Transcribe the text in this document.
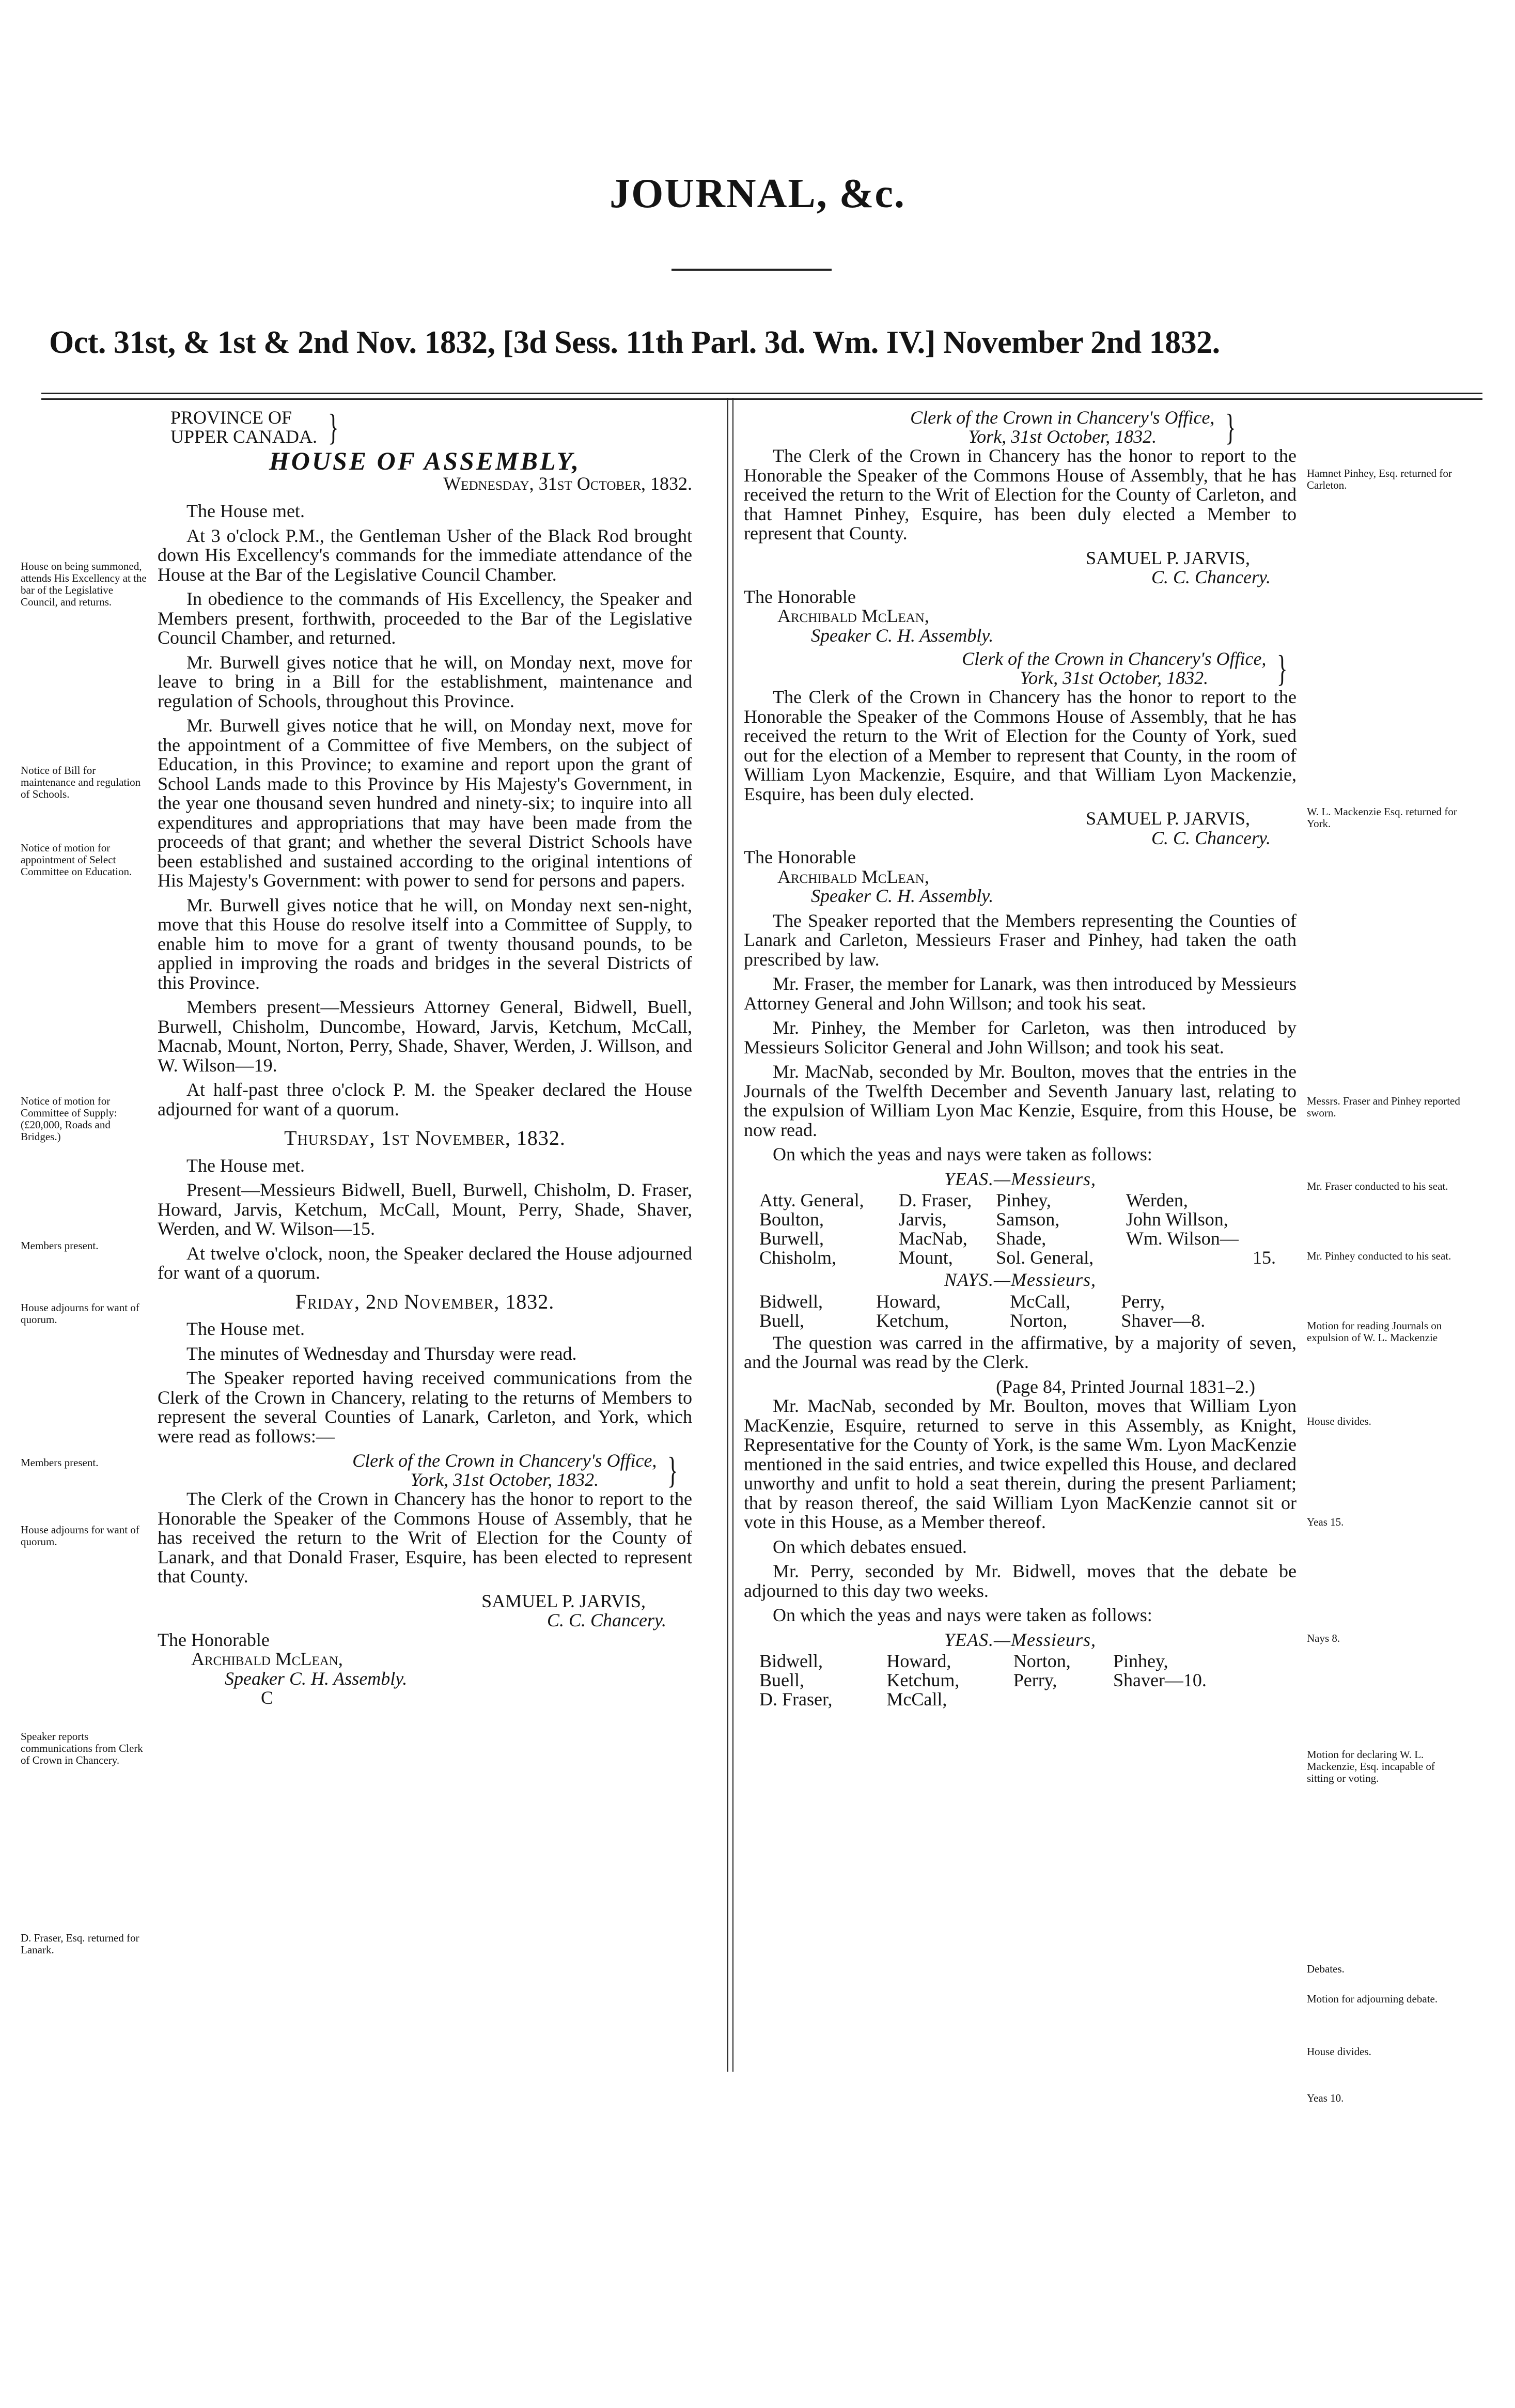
JOURNAL, &c.
Oct. 31st, & 1st & 2nd Nov. 1832, [3d Sess. 11th Parl. 3d. Wm. IV.] November 2nd 1832.
PROVINCE OF
UPPER CANADA. }
HOUSE OF ASSEMBLY,
Wednesday, 31st October, 1832.

The House met.

At 3 o'clock P.M., the Gentleman Usher of the Black Rod brought down His Excellency's commands for the immediate attendance of the House at the Bar of the Legislative Council Chamber.

In obedience to the commands of His Excellency, the Speaker and Members present, forthwith, proceeded to the Bar of the Legislative Council Chamber, and returned.

Mr. Burwell gives notice that he will, on Monday next, move for leave to bring in a Bill for the establishment, maintenance and regulation of Schools, throughout this Province.

Mr. Burwell gives notice that he will, on Monday next, move for the appointment of a Committee of five Members, on the subject of Education, in this Province; to examine and report upon the grant of School Lands made to this Province by His Majesty's Government, in the year one thousand seven hundred and ninety-six; to inquire into all expenditures and appropriations that may have been made from the proceeds of that grant; and whether the several District Schools have been established and sustained according to the original intentions of His Majesty's Government: with power to send for persons and papers.

Mr. Burwell gives notice that he will, on Monday next sen-night, move that this House do resolve itself into a Committee of Supply, to enable him to move for a grant of twenty thousand pounds, to be applied in improving the roads and bridges in the several Districts of this Province.

Members present—Messieurs Attorney General, Bidwell, Buell, Burwell, Chisholm, Duncombe, Howard, Jarvis, Ketchum, McCall, Macnab, Mount, Norton, Perry, Shade, Shaver, Werden, J. Willson, and W. Wilson—19.

At half-past three o'clock P. M. the Speaker declared the House adjourned for want of a quorum.

Thursday, 1st November, 1832.

The House met.

Present—Messieurs Bidwell, Buell, Burwell, Chisholm, D. Fraser, Howard, Jarvis, Ketchum, McCall, Mount, Perry, Shade, Shaver, Werden, and W. Wilson—15.

At twelve o'clock, noon, the Speaker declared the House adjourned for want of a quorum.

Friday, 2nd November, 1832.

The House met.

The minutes of Wednesday and Thursday were read.

The Speaker reported having received communications from the Clerk of the Crown in Chancery, relating to the returns of Members to represent the several Counties of Lanark, Carleton, and York, which were read as follows:—

Clerk of the Crown in Chancery's Office,
York, 31st October, 1832.	}

The Clerk of the Crown in Chancery has the honor to report to the Honorable the Speaker of the Commons House of Assembly, that he has received the return to the Writ of Election for the County of Lanark, and that Donald Fraser, Esquire, has been elected to represent that County.

SAMUEL P. JARVIS,
C. C. Chancery.
The Honorable
Archibald McLean,
Speaker C. H. Assembly.
C
Clerk of the Crown in Chancery's Office,
York, 31st October, 1832.	}

The Clerk of the Crown in Chancery has the honor to report to the Honorable the Speaker of the Commons House of Assembly, that he has received the return to the Writ of Election for the County of Carleton, and that Hamnet Pinhey, Esquire, has been duly elected a Member to represent that County.

SAMUEL P. JARVIS,
C. C. Chancery.
The Honorable
Archibald McLean,
Speaker C. H. Assembly.
Clerk of the Crown in Chancery's Office,
York, 31st October, 1832.	}

The Clerk of the Crown in Chancery has the honor to report to the Honorable the Speaker of the Commons House of Assembly, that he has received the return to the Writ of Election for the County of York, sued out for the election of a Member to represent that County, in the room of William Lyon Mackenzie, Esquire, and that William Lyon Mackenzie, Esquire, has been duly elected.

SAMUEL P. JARVIS,
C. C. Chancery.
The Honorable
Archibald McLean,
Speaker C. H. Assembly.

The Speaker reported that the Members representing the Counties of Lanark and Carleton, Messieurs Fraser and Pinhey, had taken the oath prescribed by law.

Mr. Fraser, the member for Lanark, was then introduced by Messieurs Attorney General and John Willson; and took his seat.

Mr. Pinhey, the Member for Carleton, was then introduced by Messieurs Solicitor General and John Willson; and took his seat.

Mr. MacNab, seconded by Mr. Boulton, moves that the entries in the Journals of the Twelfth December and Seventh January last, relating to the expulsion of William Lyon Mac Kenzie, Esquire, from this House, be now read.

On which the yeas and nays were taken as follows:

YEAS.—Messieurs,
Atty. General,	D. Fraser,	Pinhey,	Werden,
Boulton,	Jarvis,	Samson,	John Willson,
Burwell,	MacNab,	Shade,	Wm. Wilson—
Chisholm,	Mount,	Sol. General,	15.
NAYS.—Messieurs,
Bidwell,	Howard,	McCall,	Perry,
Buell,	Ketchum,	Norton,	Shaver—8.

The question was carred in the affirmative, by a majority of seven, and the Journal was read by the Clerk.

(Page 84, Printed Journal 1831–2.)

Mr. MacNab, seconded by Mr. Boulton, moves that William Lyon MacKenzie, Esquire, returned to serve in this Assembly, as Knight, Representative for the County of York, is the same Wm. Lyon MacKenzie mentioned in the said entries, and twice expelled this House, and declared unworthy and unfit to hold a seat therein, during the present Parliament; that by reason thereof, the said William Lyon MacKenzie cannot sit or vote in this House, as a Member thereof.

On which debates ensued.

Mr. Perry, seconded by Mr. Bidwell, moves that the debate be adjourned to this day two weeks.

On which the yeas and nays were taken as follows:

YEAS.—Messieurs,
Bidwell,	Howard,	Norton,	Pinhey,
Buell,	Ketchum,	Perry,	Shaver—10.
D. Fraser,	McCall,		
House on being summoned, attends His Excellency at the bar of the Legislative Council, and returns.
Notice of Bill for maintenance and regulation of Schools.
Notice of motion for appointment of Select Committee on Education.
Notice of motion for Committee of Supply: (£20,000, Roads and Bridges.)
Members present.
House adjourns for want of quorum.
Members present.
House adjourns for want of quorum.
Speaker reports communications from Clerk of Crown in Chancery.
D. Fraser, Esq. returned for Lanark.
Hamnet Pinhey, Esq. returned for Carleton.
W. L. Mackenzie Esq. returned for York.
Messrs. Fraser and Pinhey reported sworn.
Mr. Fraser conducted to his seat.
Mr. Pinhey conducted to his seat.
Motion for reading Journals on expulsion of W. L. Mackenzie
House divides.
Yeas 15.
Nays 8.
Motion for declaring W. L. Mackenzie, Esq. incapable of sitting or voting.
Debates.
Motion for adjourning debate.
House divides.
Yeas 10.
